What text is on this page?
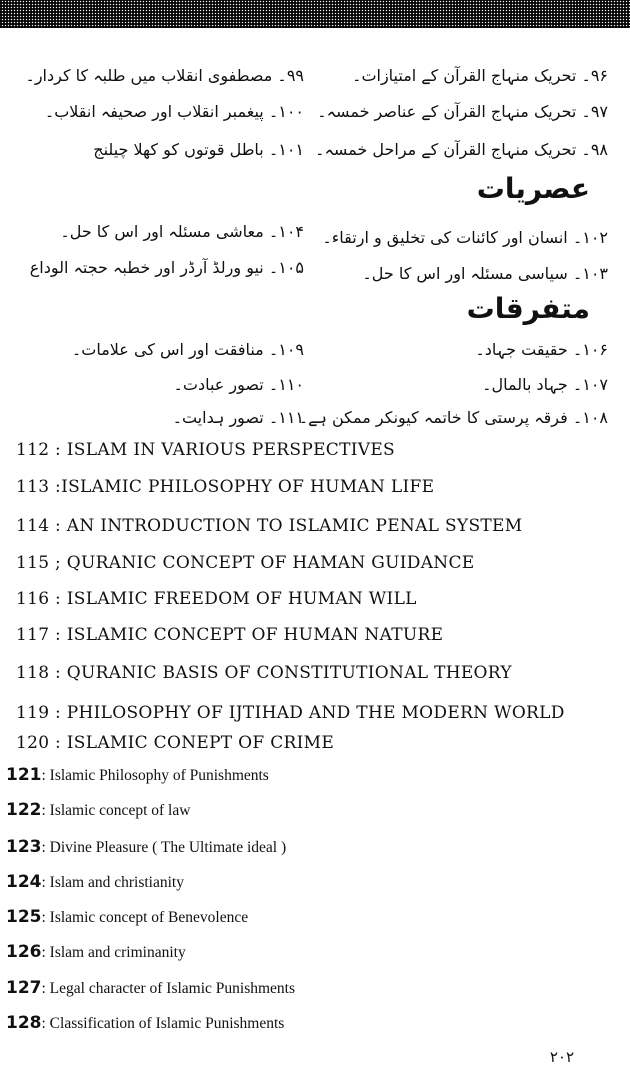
۹۶۔ تحریک منہاج القرآن کے امتیازات۔
۹۹۔ مصطفوی انقلاب میں طلبہ کا کردار۔
۹۷۔ تحریک منہاج القرآن کے عناصر خمسہ۔
۱۰۰۔ پیغمبر انقلاب اور صحیفہ انقلاب۔
۹۸۔ تحریک منہاج القرآن کے مراحل خمسہ۔
۱۰۱۔ باطل قوتوں کو کھلا چیلنج
عصریات
۱۰۲۔ انسان اور کائنات کی تخلیق و ارتقاء۔
۱۰۴۔ معاشی مسئلہ اور اس کا حل۔
۱۰۳۔ سیاسی مسئلہ اور اس کا حل۔
۱۰۵۔ نیو ورلڈ آرڈر اور خطبہ حجتہ الوداع
متفرقات
۱۰۶۔ حقیقت جہاد۔
۱۰۹۔ منافقت اور اس کی علامات۔
۱۰۷۔ جہاد بالمال۔
۱۱۰۔ تصور عبادت۔
۱۰۸۔ فرقہ پرستی کا خاتمہ کیونکر ممکن ہے۔
۱۱۱۔ تصور ہدایت۔
112 : ISLAM IN VARIOUS PERSPECTIVES
113 :ISLAMIC PHILOSOPHY OF HUMAN LIFE
114 : AN INTRODUCTION TO ISLAMIC PENAL SYSTEM
115 ; QURANIC CONCEPT OF HAMAN GUIDANCE
116 : ISLAMIC FREEDOM OF HUMAN WILL
117 : ISLAMIC CONCEPT OF HUMAN NATURE
118 : QURANIC BASIS OF CONSTITUTIONAL THEORY
119 : PHILOSOPHY OF IJTIHAD AND THE MODERN WORLD
120 : ISLAMIC CONEPT OF CRIME
121: Islamic Philosophy of Punishments
122: Islamic concept of law
123: Divine Pleasure ( The Ultimate ideal )
124: Islam and christianity
125: Islamic concept of Benevolence
126: Islam and criminanity
127: Legal character of Islamic Punishments
128: Classification of Islamic Punishments
۲۰۲
